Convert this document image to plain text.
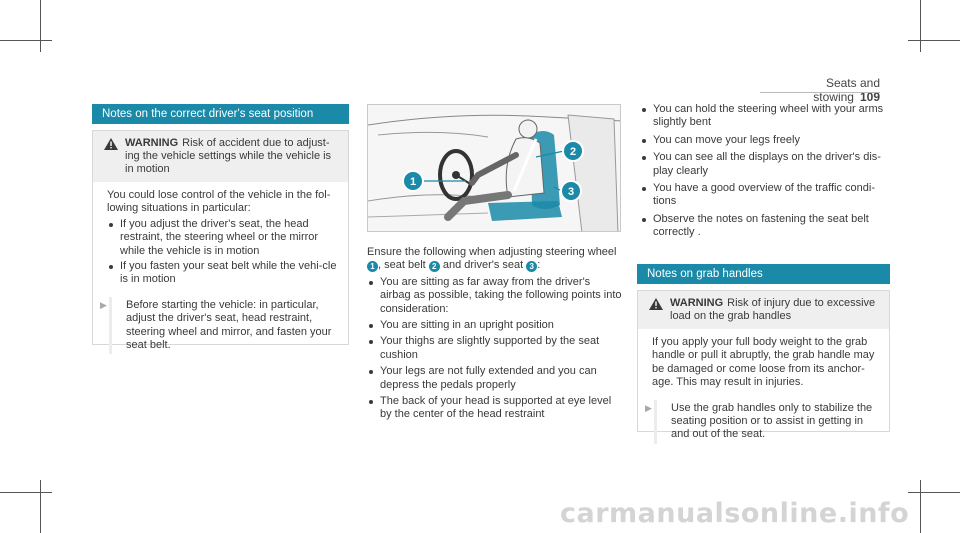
Seats and stowing 109
Notes on the correct driver's seat position
WARNING Risk of accident due to adjust-ing the vehicle settings while the vehicle is in motion
You could lose control of the vehicle in the fol-lowing situations in particular:
If you adjust the driver's seat, the head restraint, the steering wheel or the mirror while the vehicle is in motion
If you fasten your seat belt while the vehi-cle is in motion
▶ Before starting the vehicle: in particular, adjust the driver's seat, head restraint, steering wheel and mirror, and fasten your seat belt.
1
2
3
Ensure the following when adjusting steering wheel 1 , seat belt 2 and driver's seat 3 :
You are sitting as far away from the driver's airbag as possible, taking the following points into consideration:
You are sitting in an upright position
Your thighs are slightly supported by the seat cushion
Your legs are not fully extended and you can depress the pedals properly
The back of your head is supported at eye level by the center of the head restraint
You can hold the steering wheel with your arms slightly bent
You can move your legs freely
You can see all the displays on the driver's dis-play clearly
You have a good overview of the traffic condi-tions
Observe the notes on fastening the seat belt correctly .
Notes on grab handles
WARNING Risk of injury due to excessive load on the grab handles
If you apply your full body weight to the grab handle or pull it abruptly, the grab handle may be damaged or come loose from its anchor-age. This may result in injuries.
▶ Use the grab handles only to stabilize the seating position or to assist in getting in and out of the seat.
carmanualsonline.info
